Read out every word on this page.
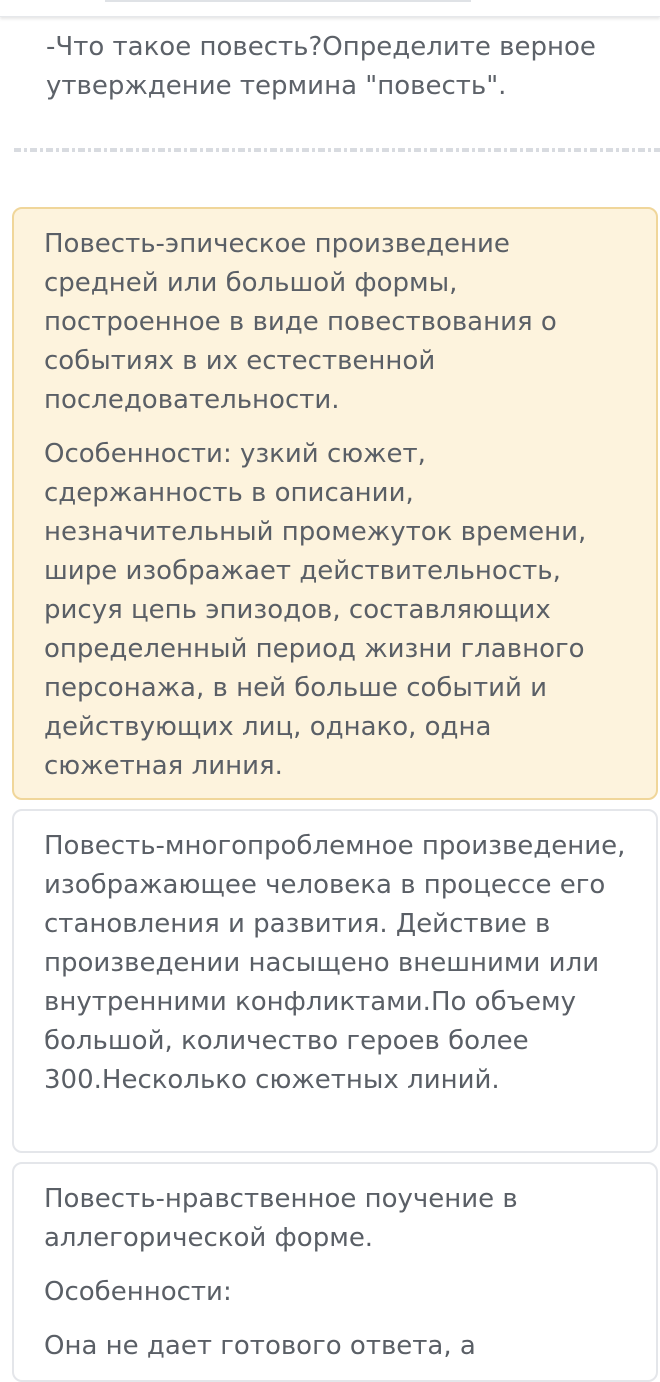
-Что такое повесть?Определите верное утверждение термина "повесть".

Повесть-эпическое произведение средней или большой формы, построенное в виде повествования о событиях в их естественной последовательности.

Особенности: узкий сюжет, сдержанность в описании, незначительный промежуток времени, шире изображает действительность, рисуя цепь эпизодов, составляющих определенный период жизни главного персонажа, в ней больше событий и действующих лиц, однако, одна сюжетная линия.

Повесть-многопроблемное произведение, изображающее человека в процессе его становления и развития. Действие в произведении насыщено внешними или внутренними конфликтами.По объему большой, количество героев более 300.Несколько сюжетных линий.

Повесть-нравственное поучение в аллегорической форме.

Особенности:

Она не дает готового ответа, а
